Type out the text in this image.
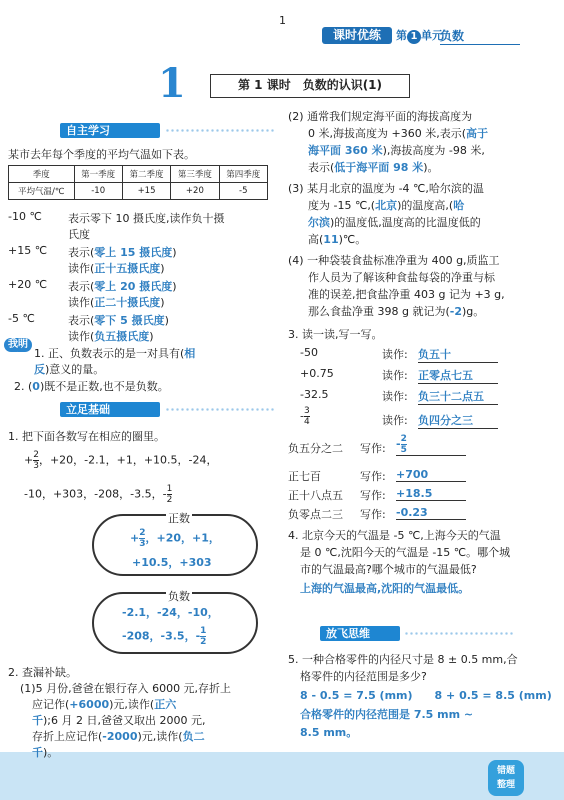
1
课时优练	第 1 单元
负数
1	第 1 课时　负数的认识(1)
自主学习
某市去年每个季度的平均气温如下表。
季度	第一季度	第二季度	第三季度	第四季度
平均气温/℃	-10	+15	+20	-5
-10 ℃ 表示零下 10 摄氏度,读作负十摄
氏度
+15 ℃ 表示(零上 15 摄氏度)
读作(正十五摄氏度)
+20 ℃ 表示(零上 20 摄氏度)
读作(正二十摄氏度)
-5 ℃	表示(零下 5 摄氏度)
读作(负五摄氏度)
我明白	1. 正、负数表示的是一对具有(相
反)意义的量。
2. (0)既不是正数,也不是负数。
立足基础
1. 把下面各数写在相应的圈里。
+ $\frac{2}{3}$ ，+20，-2.1，+1，+10.5，-24，
-10，+303，-208，-3.5，- $\frac{1}{2}$
正数
+ $\frac{2}{3}$ ，+20，+1，
+10.5，+303
负数
-2.1，-24，-10，
-208，-3.5，- $\frac{1}{2}$
2. 查漏补缺。
(1)5 月份,爸爸在银行存入 6000 元,存折上
应记作(+6000)元,读作(正六
千);6 月 2 日,爸爸又取出 2000 元,
存折上应记作(-2000)元,读作(负二
千)。
(2) 通常我们规定海平面的海拔高度为
0 米,海拔高度为 +360 米,表示(高于
海平面 360 米),海拔高度为 -98 米,
表示(低于海平面 98 米)。
(3) 某月北京的温度为 -4 ℃,哈尔滨的温
度为 -15 ℃,(北京)的温度高,(哈
尔滨)的温度低,温度高的比温度低的
高(11)℃。
(4) 一种袋装食盐标准净重为 400 g,质监工
作人员为了解该种食盐每袋的净重与标
准的误差,把食盐净重 403 g 记为 +3 g,
那么食盐净重 398 g 就记为(-2)g。
3. 读一读,写一写。
-50	读作: 负五十
+0.75	读作: 正零点七五
-32.5	读作: 负三十二点五
- $\frac{3}{4}$	读作: 负四分之三
负五分之二 写作: - $\frac{2}{5}$
正七百	写作: +700
正十八点五 写作: +18.5
负零点二三 写作: -0.23
4. 北京今天的气温是 -5 ℃,上海今天的气温
是 0 ℃,沈阳今天的气温是 -15 ℃。哪个城
市的气温最高?哪个城市的气温最低?
上海的气温最高,沈阳的气温最低。
放飞思维
5. 一种合格零件的内径尺寸是 8 ± 0.5 mm,合
格零件的内径范围是多少?
8 - 0.5 = 7.5 (mm)　　8 + 0.5 = 8.5 (mm)
合格零件的内径范围是 7.5 mm ~
8.5 mm。
错题
整理
